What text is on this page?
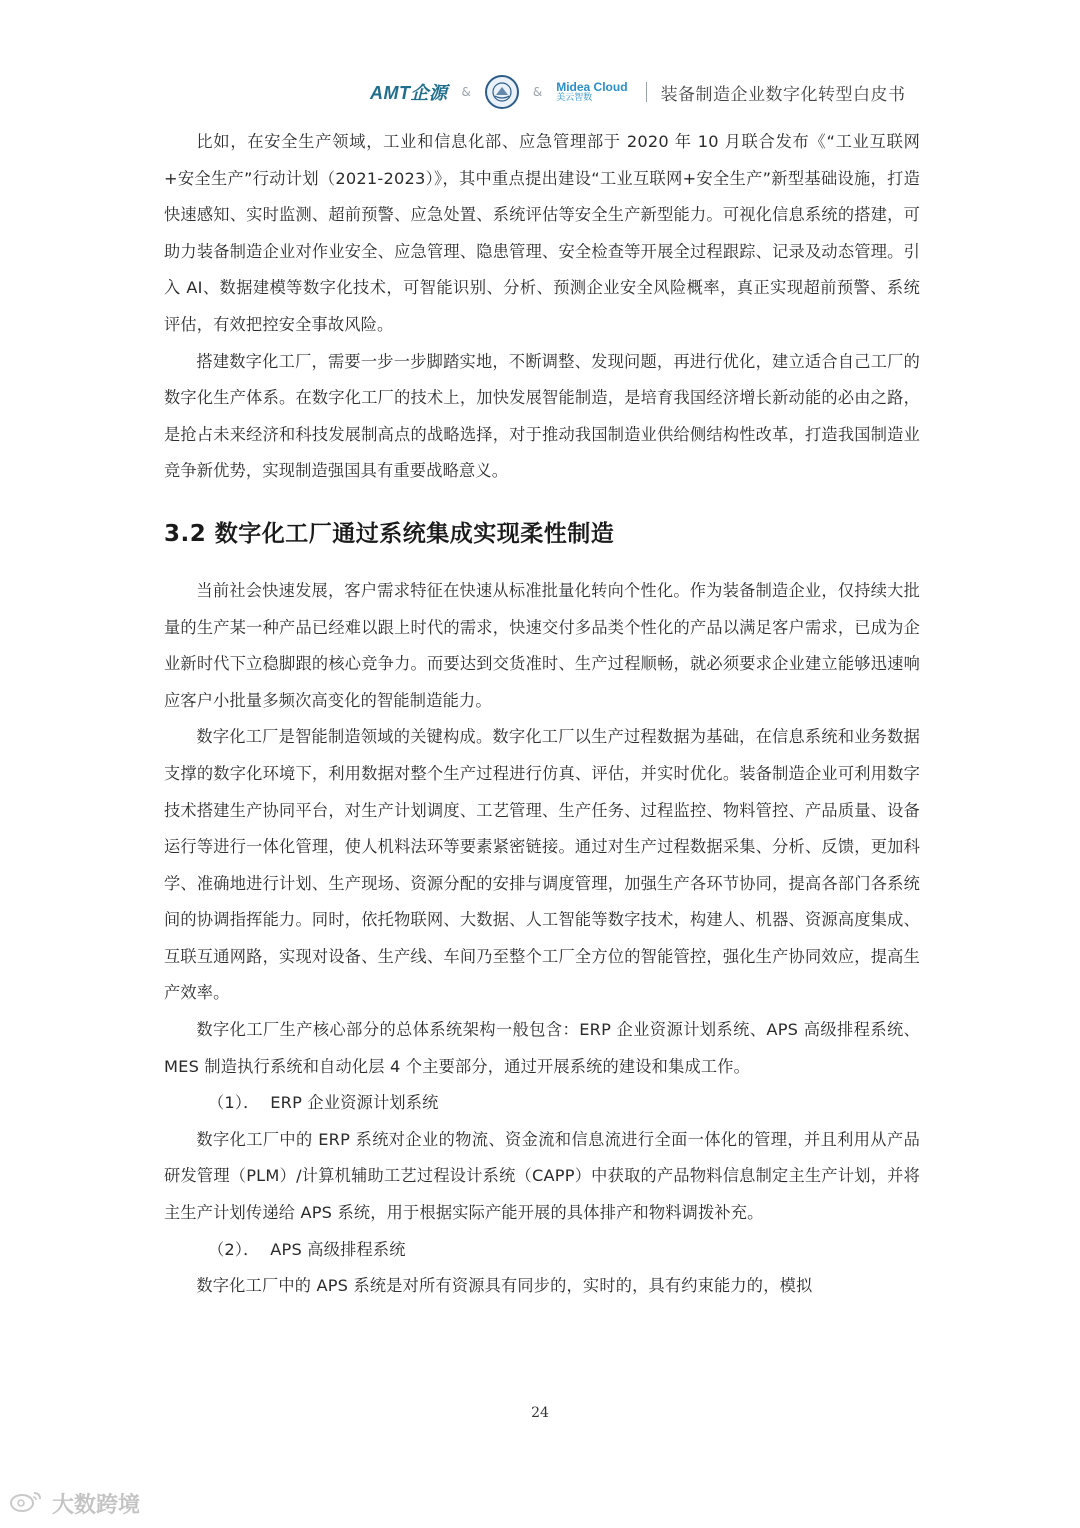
AMT企源 &	& Midea Cloud
美云智数	装备制造企业数字化转型白皮书

比如，在安全生产领域，工业和信息化部、应急管理部于 2020 年 10 月联合发布《“工业互联网+安全生产”行动计划（2021-2023）》，其中重点提出建设“工业互联网+安全生产”新型基础设施，打造快速感知、实时监测、超前预警、应急处置、系统评估等安全生产新型能力。可视化信息系统的搭建，可助力装备制造企业对作业安全、应急管理、隐患管理、安全检查等开展全过程跟踪、记录及动态管理。引入 AI、数据建模等数字化技术，可智能识别、分析、预测企业安全风险概率，真正实现超前预警、系统评估，有效把控安全事故风险。

搭建数字化工厂，需要一步一步脚踏实地，不断调整、发现问题，再进行优化，建立适合自己工厂的数字化生产体系。在数字化工厂的技术上，加快发展智能制造，是培育我国经济增长新动能的必由之路，是抢占未来经济和科技发展制高点的战略选择，对于推动我国制造业供给侧结构性改革，打造我国制造业竞争新优势，实现制造强国具有重要战略意义。

3.2 数字化工厂通过系统集成实现柔性制造

当前社会快速发展，客户需求特征在快速从标准批量化转向个性化。作为装备制造企业，仅持续大批量的生产某一种产品已经难以跟上时代的需求，快速交付多品类个性化的产品以满足客户需求，已成为企业新时代下立稳脚跟的核心竞争力。而要达到交货准时、生产过程顺畅，就必须要求企业建立能够迅速响应客户小批量多频次高变化的智能制造能力。

数字化工厂是智能制造领域的关键构成。数字化工厂以生产过程数据为基础，在信息系统和业务数据支撑的数字化环境下，利用数据对整个生产过程进行仿真、评估，并实时优化。装备制造企业可利用数字技术搭建生产协同平台，对生产计划调度、工艺管理、生产任务、过程监控、物料管控、产品质量、设备运行等进行一体化管理，使人机料法环等要素紧密链接。通过对生产过程数据采集、分析、反馈，更加科学、准确地进行计划、生产现场、资源分配的安排与调度管理，加强生产各环节协同，提高各部门各系统间的协调指挥能力。同时，依托物联网、大数据、人工智能等数字技术，构建人、机器、资源高度集成、互联互通网路，实现对设备、生产线、车间乃至整个工厂全方位的智能管控，强化生产协同效应，提高生产效率。

数字化工厂生产核心部分的总体系统架构一般包含：ERP 企业资源计划系统、APS 高级排程系统、MES 制造执行系统和自动化层 4 个主要部分，通过开展系统的建设和集成工作。

（1）．  ERP 企业资源计划系统

数字化工厂中的 ERP 系统对企业的物流、资金流和信息流进行全面一体化的管理，并且利用从产品研发管理（PLM）/计算机辅助工艺过程设计系统（CAPP）中获取的产品物料信息制定主生产计划，并将主生产计划传递给 APS 系统，用于根据实际产能开展的具体排产和物料调拨补充。

（2）．  APS 高级排程系统

数字化工厂中的 APS 系统是对所有资源具有同步的，实时的，具有约束能力的，模拟

24
大数跨境
